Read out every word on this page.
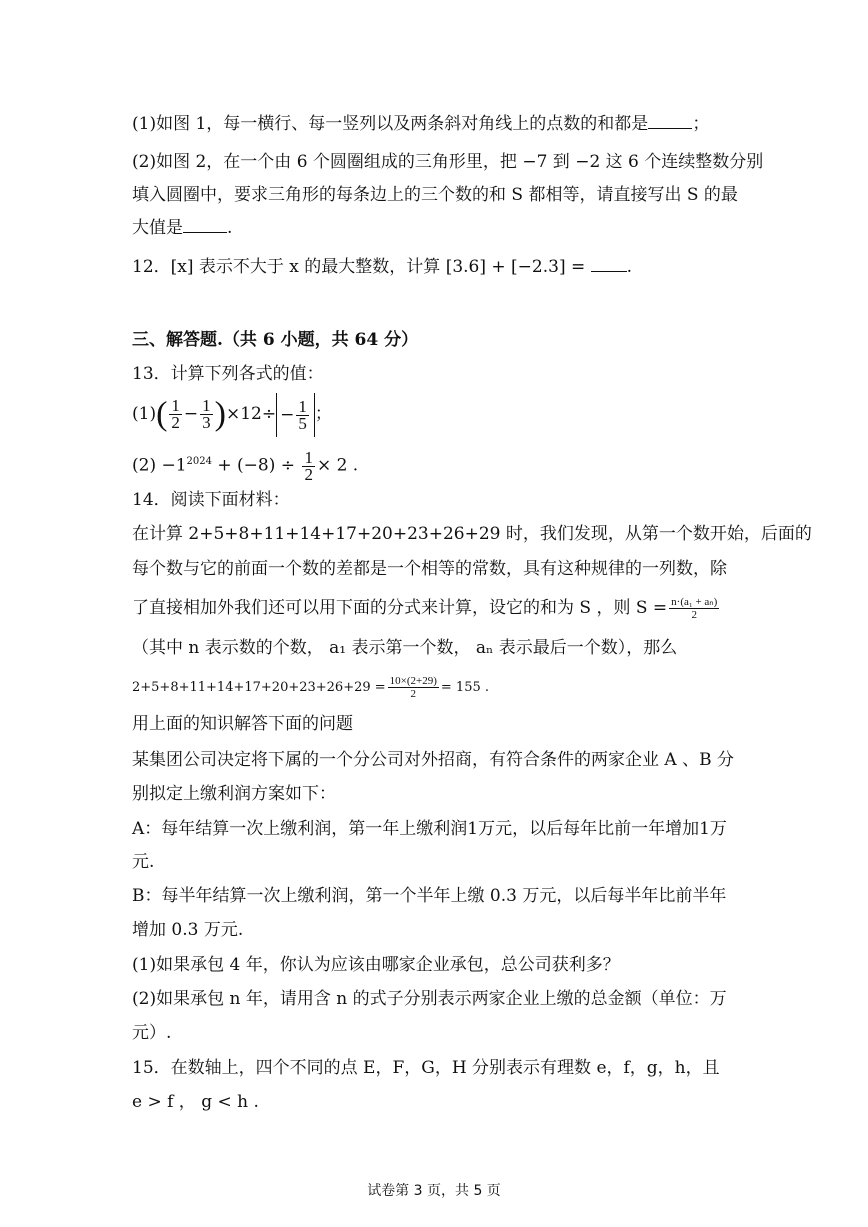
(1)如图 1，每一横行、每一竖列以及两条斜对角线上的点数的和都是	；
(2)如图 2，在一个由 6 个圆圈组成的三角形里，把 −7 到 −2 这 6 个连续整数分别
填入圆圈中，要求三角形的每条边上的三个数的和 S 都相等，请直接写出 S 的最
大值是	.
12．[x] 表示不大于 x 的最大整数，计算 [3.6] + [−2.3] = .
三、解答题.（共 6 小题，共 64 分）
13．计算下列各式的值：
$(1)( \frac{1}{2} - \frac{1}{3} )\times 12\div - \frac{1}{5}$ ；
$(2) -1^{2024} + (-8) \div \frac{1}{2} \times 2$ .
14．阅读下面材料：
在计算 2+5+8+11+14+17+20+23+26+29 时，我们发现，从第一个数开始，后面的
每个数与它的前面一个数的差都是一个相等的常数，具有这种规律的一列数，除
了直接相加外我们还可以用下面的分式来计算，设它的和为 S ，则 $S = \frac{\text{n·(a₁ + aₙ)}}{2}$
（其中 n 表示数的个数， a₁ 表示第一个数， aₙ 表示最后一个数），那么
$2+5+8+11+14+17+20+23+26+29 = \frac{10\times(2+29)}{2} = 155$ .
用上面的知识解答下面的问题
某集团公司决定将下属的一个分公司对外招商，有符合条件的两家企业 A 、B 分
别拟定上缴利润方案如下：
A：每年结算一次上缴利润，第一年上缴利润1万元，以后每年比前一年增加1万
元.
B：每半年结算一次上缴利润，第一个半年上缴 0.3 万元，以后每半年比前半年
增加 0.3 万元.
(1)如果承包 4 年，你认为应该由哪家企业承包，总公司获利多？
(2)如果承包 n 年，请用含 n 的式子分别表示两家企业上缴的总金额（单位：万
元）.
15．在数轴上，四个不同的点 E，F，G，H 分别表示有理数 e，f，g，h，且
e > f ， g < h .
试卷第 3 页，共 5 页
